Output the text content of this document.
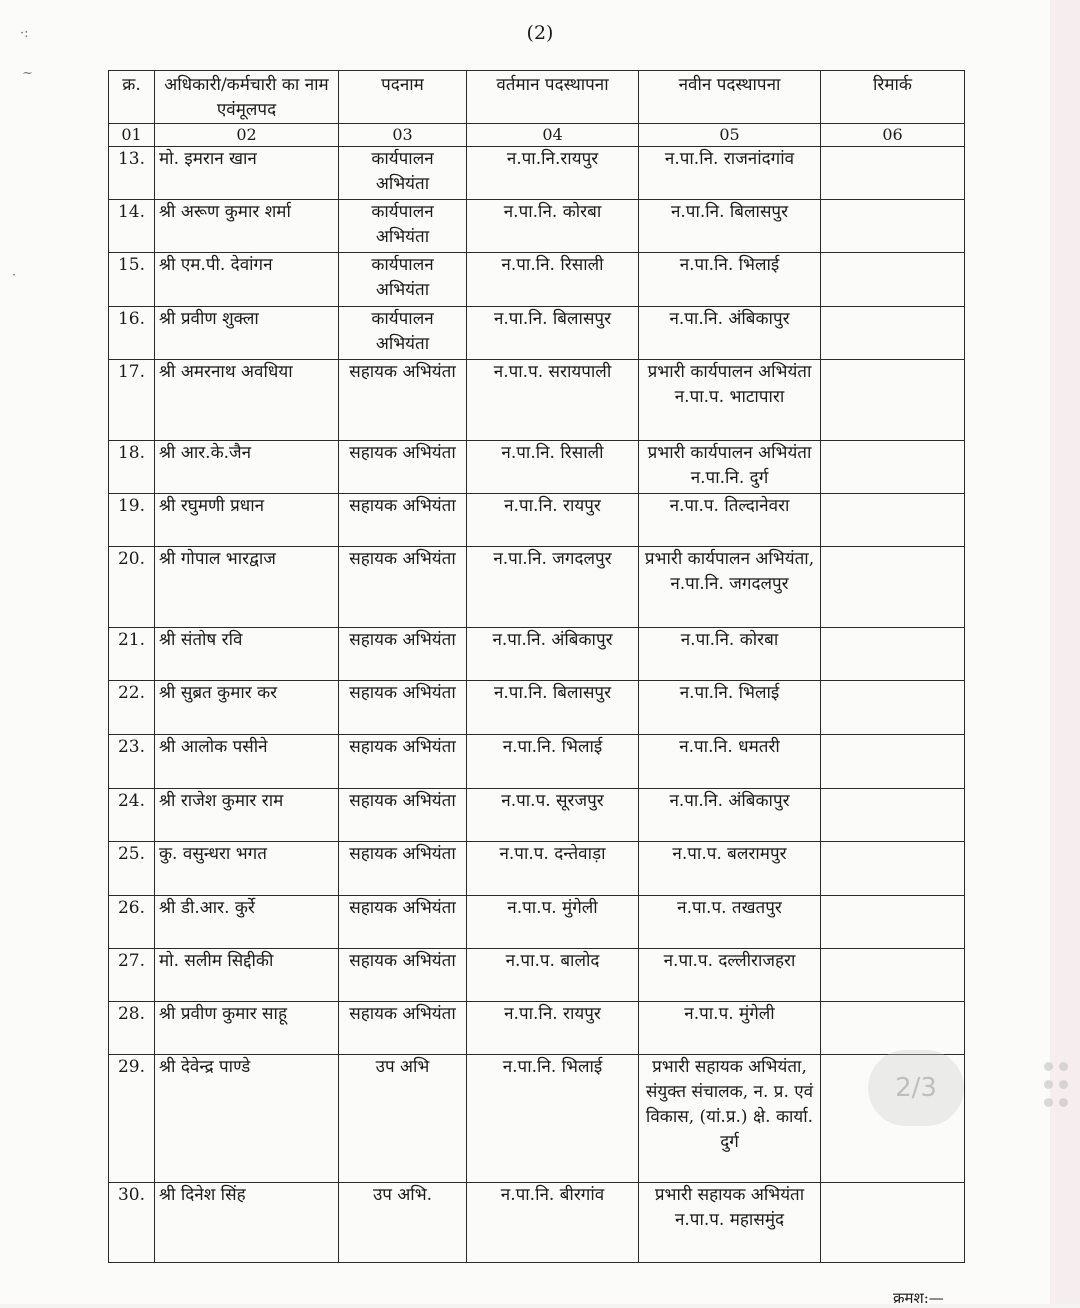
·:
~
·
(2)
क्र.	अधिकारी/कर्मचारी का नाम एवंमूलपद	पदनाम	वर्तमान पदस्थापना	नवीन पदस्थापना	रिमार्क
01	02	03	04	05	06
13.	मो. इमरान खान	कार्यपालन अभियंता	न.पा.नि.रायपुर	न.पा.नि. राजनांदगांव	
14.	श्री अरूण कुमार शर्मा	कार्यपालन अभियंता	न.पा.नि. कोरबा	न.पा.नि. बिलासपुर	
15.	श्री एम.पी. देवांगन	कार्यपालन अभियंता	न.पा.नि. रिसाली	न.पा.नि. भिलाई	
16.	श्री प्रवीण शुक्ला	कार्यपालन अभियंता	न.पा.नि. बिलासपुर	न.पा.नि. अंबिकापुर	
17.	श्री अमरनाथ अवधिया	सहायक अभियंता	न.पा.प. सरायपाली	प्रभारी कार्यपालन अभियंता न.पा.प. भाटापारा	
18.	श्री आर.के.जैन	सहायक अभियंता	न.पा.नि. रिसाली	प्रभारी कार्यपालन अभियंता न.पा.नि. दुर्ग	
19.	श्री रघुमणी प्रधान	सहायक अभियंता	न.पा.नि. रायपुर	न.पा.प. तिल्दानेवरा	
20.	श्री गोपाल भारद्वाज	सहायक अभियंता	न.पा.नि. जगदलपुर	प्रभारी कार्यपालन अभियंता, न.पा.नि. जगदलपुर	
21.	श्री संतोष रवि	सहायक अभियंता	न.पा.नि. अंबिकापुर	न.पा.नि. कोरबा	
22.	श्री सुब्रत कुमार कर	सहायक अभियंता	न.पा.नि. बिलासपुर	न.पा.नि. भिलाई	
23.	श्री आलोक पसीने	सहायक अभियंता	न.पा.नि. भिलाई	न.पा.नि. धमतरी	
24.	श्री राजेश कुमार राम	सहायक अभियंता	न.पा.प. सूरजपुर	न.पा.नि. अंबिकापुर	
25.	कु. वसुन्धरा भगत	सहायक अभियंता	न.पा.प. दन्तेवाड़ा	न.पा.प. बलरामपुर	
26.	श्री डी.आर. कुर्रे	सहायक अभियंता	न.पा.प. मुंगेली	न.पा.प. तखतपुर	
27.	मो. सलीम सिद्दीकी	सहायक अभियंता	न.पा.प. बालोद	न.पा.प. दल्लीराजहरा	
28.	श्री प्रवीण कुमार साहू	सहायक अभियंता	न.पा.नि. रायपुर	न.पा.प. मुंगेली	
29.	श्री देवेन्द्र पाण्डे	उप अभि	न.पा.नि. भिलाई	प्रभारी सहायक अभियंता, संयुक्त संचालक, न. प्र. एवं विकास, (यां.प्र.) क्षे. कार्या. दुर्ग	
30.	श्री दिनेश सिंह	उप अभि.	न.पा.नि. बीरगांव	प्रभारी सहायक अभियंता न.पा.प. महासमुंद	
क्रमश:—
2/3
